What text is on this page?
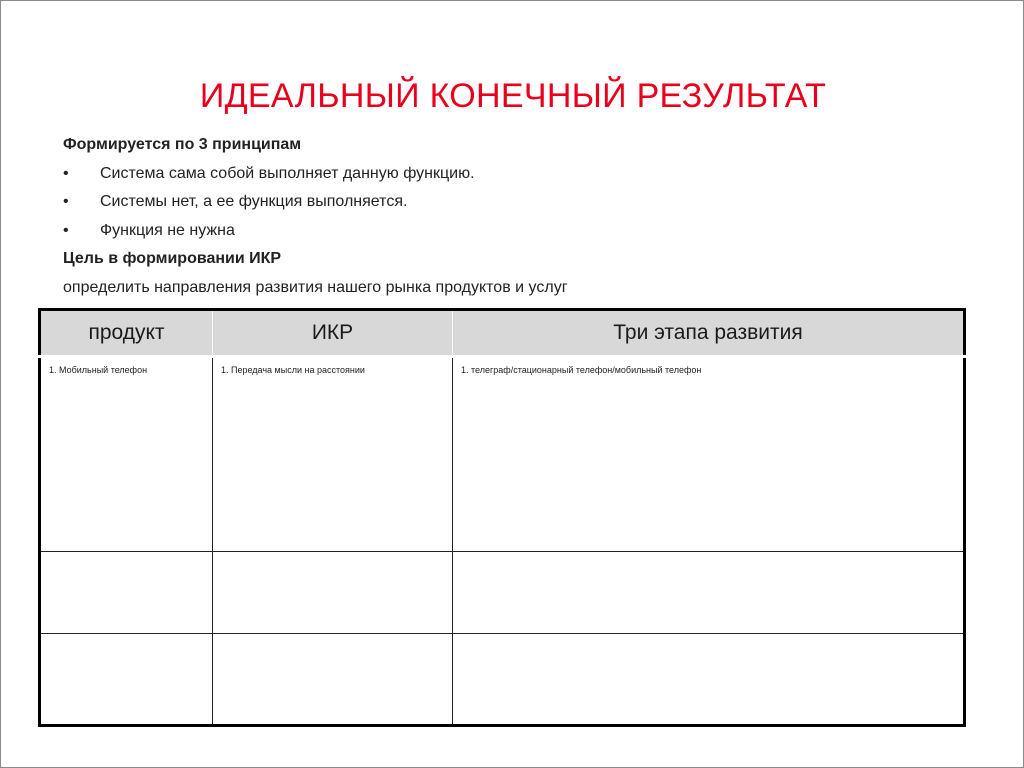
ИДЕАЛЬНЫЙ КОНЕЧНЫЙ РЕЗУЛЬТАТ
Формируется по 3 принципам
•	Система сама собой выполняет данную функцию.
•	Системы нет, а ее функция выполняется.
•	Функция не нужна
Цель в формировании ИКР
определить направления развития нашего рынка продуктов и услуг
продукт	ИКР	Три этапа развития

1. Мобильный телефон	1. Передача мысли на расстоянии	1. телеграф/стационарный телефон/мобильный телефон
